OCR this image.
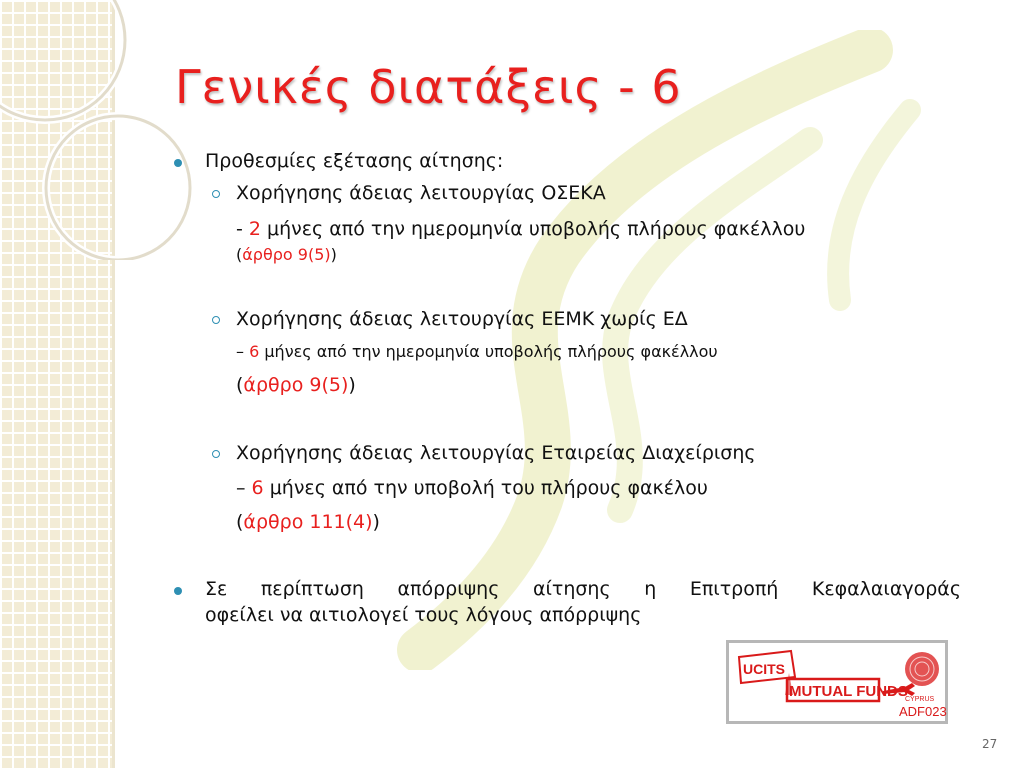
Γενικές διατάξεις - 6
Προθεσμίες εξέτασης αίτησης:
Χορήγησης άδειας λειτουργίας ΟΣΕΚΑ
- 2 μήνες από την ημερομηνία υποβολής πλήρους φακέλλου
(άρθρο 9(5))
Χορήγησης άδειας λειτουργίας ΕΕΜΚ χωρίς ΕΔ
– 6 μήνες από την ημερομηνία υποβολής πλήρους φακέλλου
(άρθρο 9(5))
Χορήγησης άδειας λειτουργίας Εταιρείας Διαχείρισης
– 6 μήνες από την υποβολή του πλήρους φακέλου
(άρθρο 111(4))
Σε περίπτωση απόρριψης αίτησης η Επιτροπή Κεφαλαιαγοράς
οφείλει να αιτιολογεί τους λόγους απόρριψης
UCITS
MUTUAL FUNDS
CYPRUS
ADF023
27
